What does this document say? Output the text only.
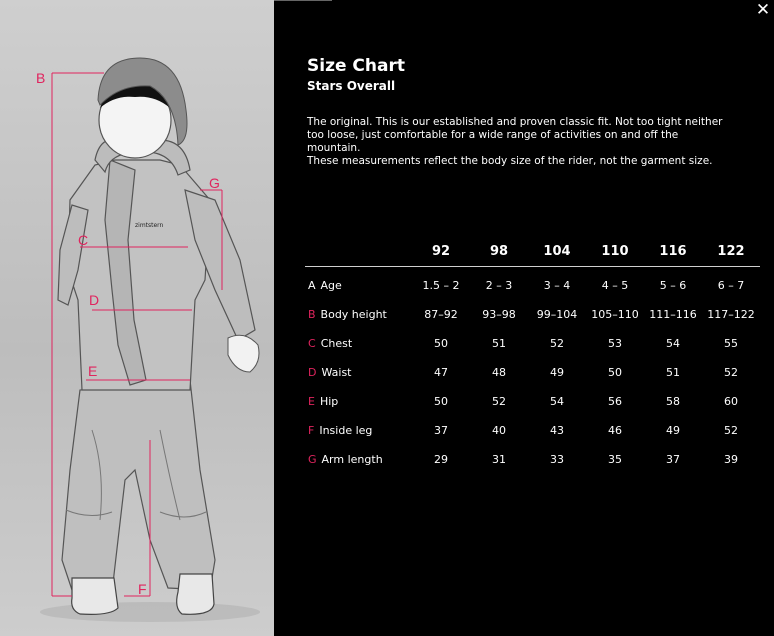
zimtstern
B
C
D
E
F
G
✕
Size Chart
Stars Overall

The original. This is our established and proven classic fit. Not too tight neither too loose, just comfortable for a wide range of activities on and off the mountain.

These measurements reflect the body size of the rider, not the garment size.

	92	98	104	110	116	122
A Age	1.5 – 2	2 – 3	3 – 4	4 – 5	5 – 6	6 – 7
B Body height	87–92	93–98	99–104	105–110	111–116	117–122
C Chest	50	51	52	53	54	55
D Waist	47	48	49	50	51	52
E Hip	50	52	54	56	58	60
F Inside leg	37	40	43	46	49	52
G Arm length	29	31	33	35	37	39
